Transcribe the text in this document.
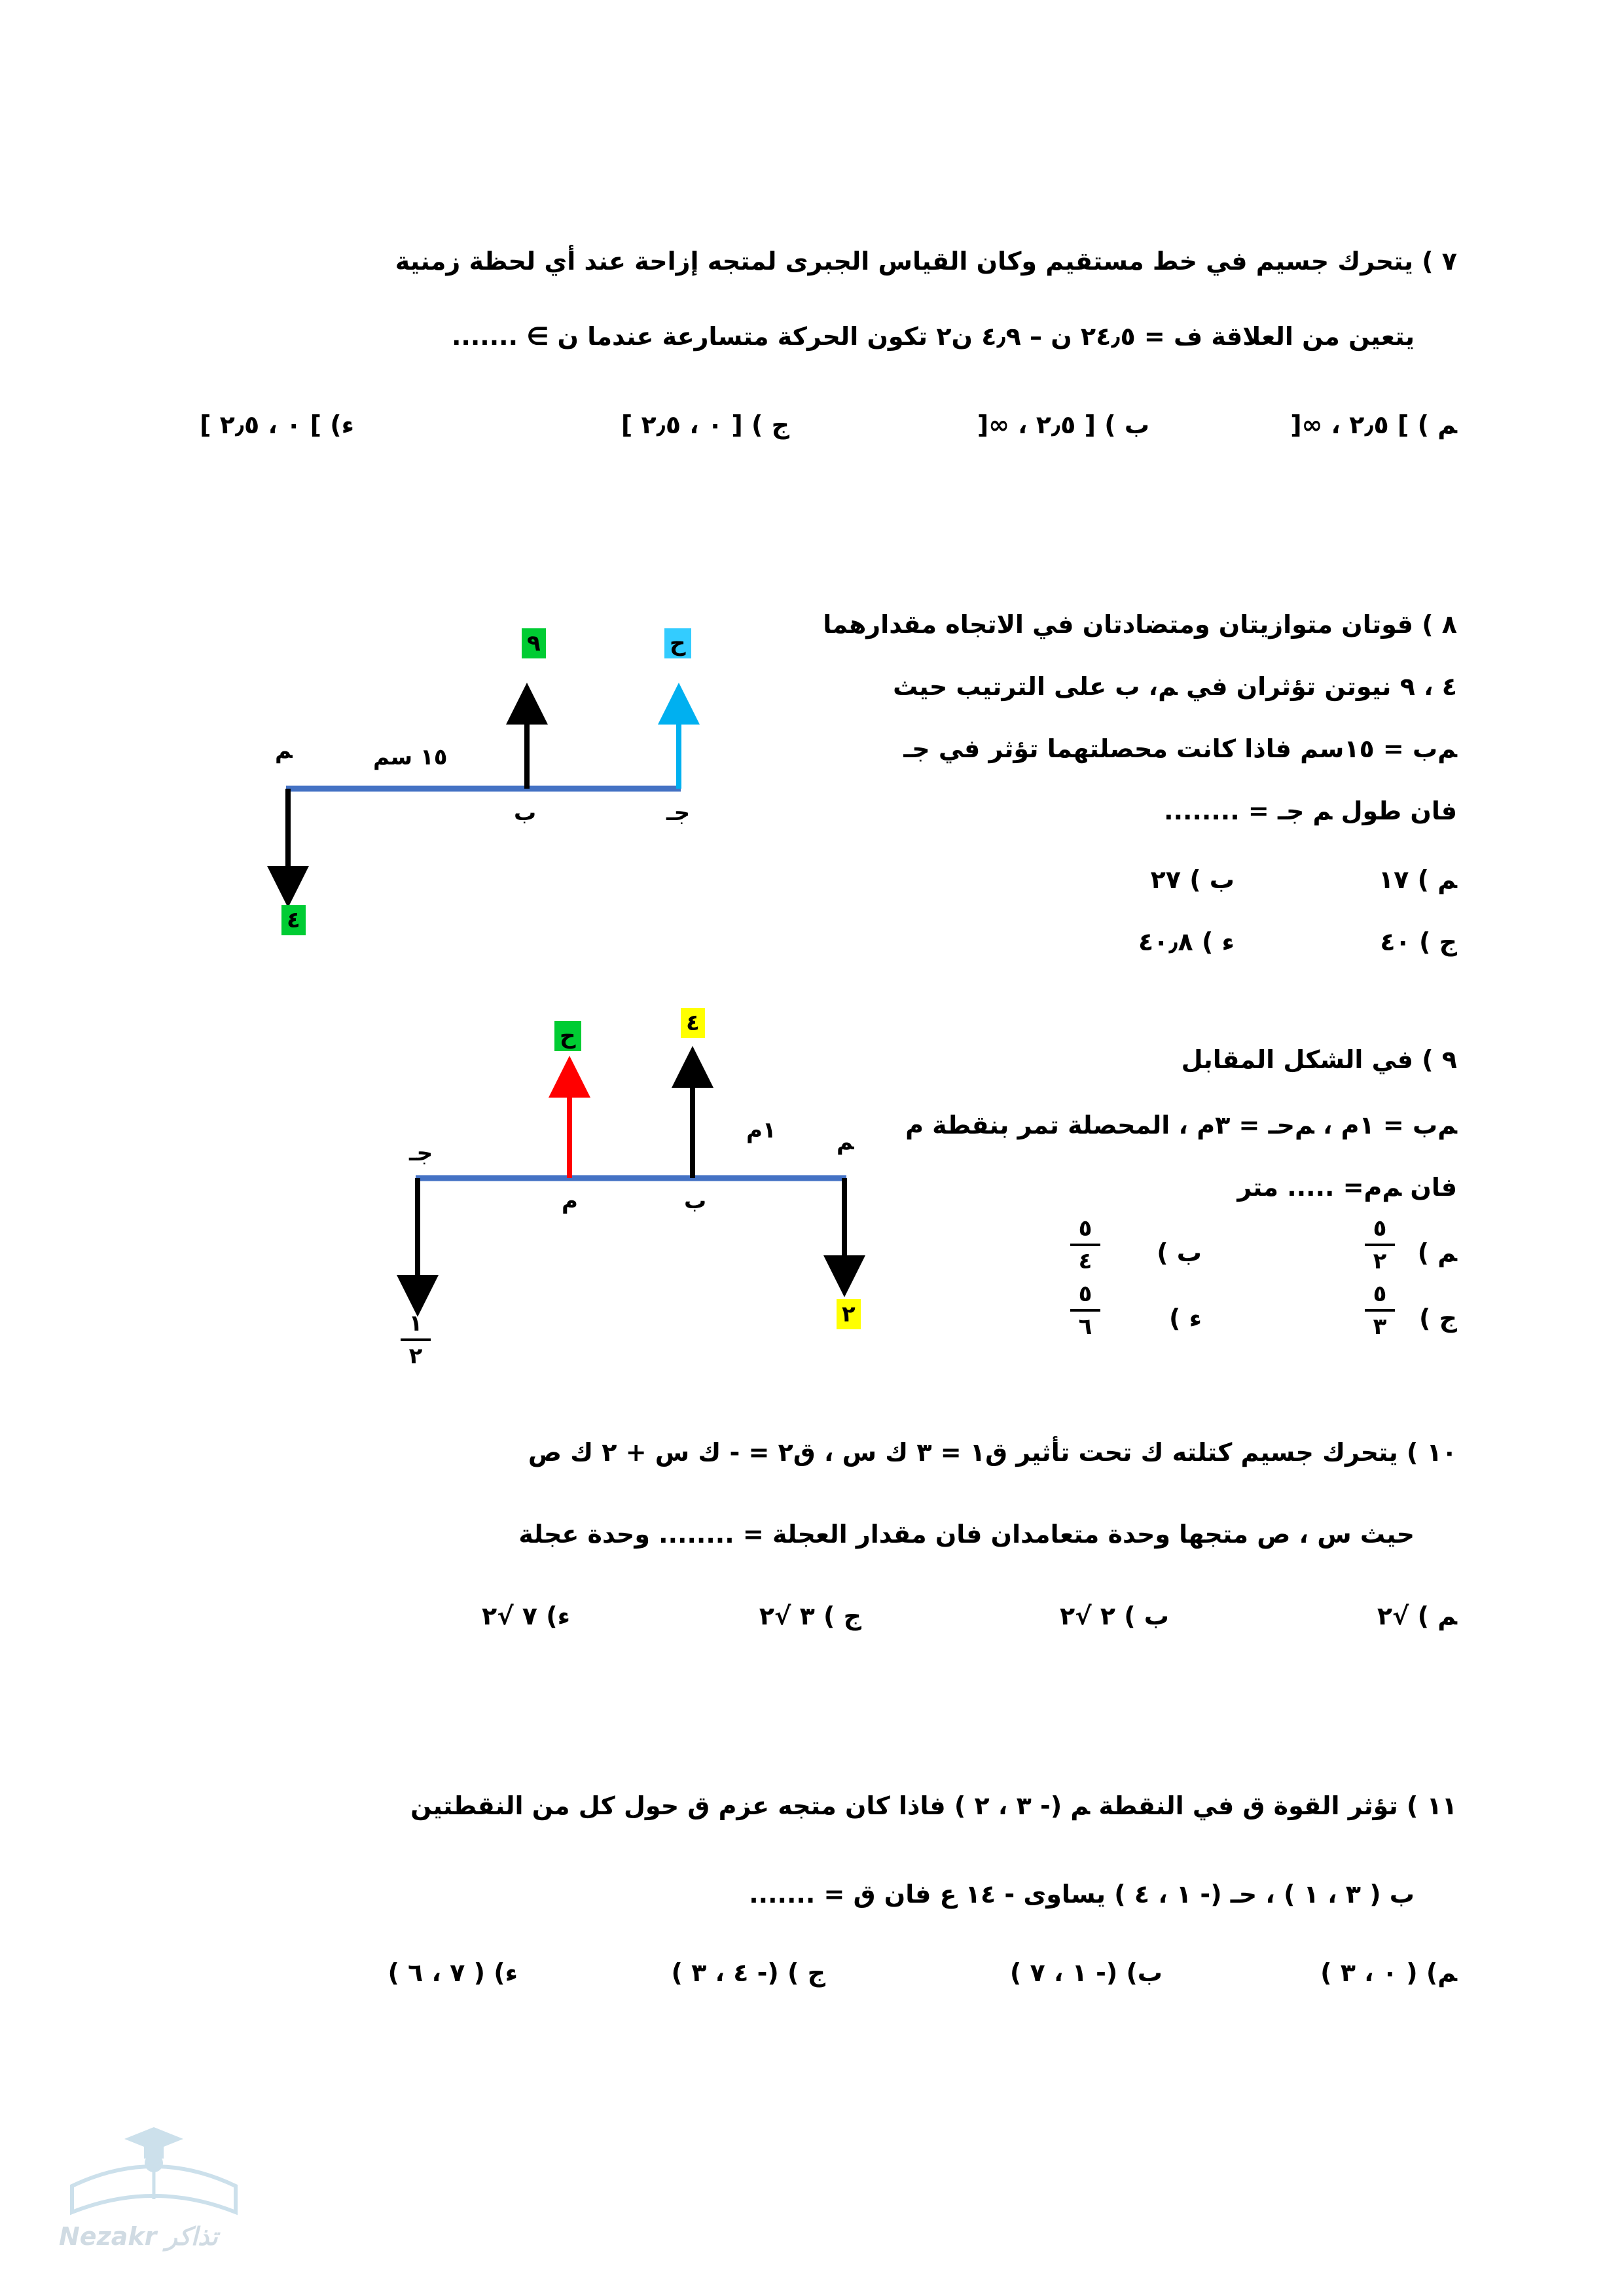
٧ ) يتحرك جسيم في خط مستقيم وكان القياس الجبرى لمتجه إزاحة عند أي لحظة زمنية
يتعين من العلاقة ف = ٢٤٫٥ ن – ٤٫٩ ن٢ تكون الحركة متسارعة عندما ن ∋ .......
ﻢ ) ] ٢٫٥ ، ∞[
ب ) [ ٢٫٥ ، ∞[
ج ) [ ٠ ، ٢٫٥ ]
ﺀ) ] ٠ ، ٢٫٥ ]
٨ ) قوتان متوازيتان ومتضادتان في الاتجاه مقدارهما
٤ ، ٩ نيوتن تؤثران في ﻢ، ب على الترتيب حيث
ﻢب = ١٥سم فاذا كانت محصلتهما تؤثر في جـ
فان طول ﻢ جـ = ........
ﻢ ) ١٧
ب ) ٢٧
ج ) ٤٠
ﺀ ) ٤٠٫٨
٩ ) في الشكل المقابل
ﻢب = ١م ، ﻢحـ = ٣م ، المحصلة تمر بنقطة م
فان ﻢم= ..... متر
ﻢ )
٥
٢
ب )
٥
٤
ج )
٥
٣
ﺀ )
٥
٦
١٠ ) يتحرك جسيم كتلته ك تحت تأثير ق١ = ٣ ك س ، ق٢ = - ك س + ٢ ك ص
حيث س ، ص متجها وحدة متعامدان فان مقدار العجلة = ........ وحدة عجلة
ﻢ ) √٢
ب ) ٢ √٢
ج ) ٣ √٢
ﺀ) ٧ √٢
١١ ) تؤثر القوة ق في النقطة ﻢ (- ٣ ، ٢ ) فاذا كان متجه عزم ق حول كل من النقطتين
ب ( ٣ ، ١ ) ، حـ (- ١ ، ٤ ) يساوى - ١٤ ع فان ق = .......
ﻢ) ( ٠ ، ٣ )
ب) (- ١ ، ٧ )
ج ) (- ٤ ، ٣ )
ﺀ) ( ٧ ، ٦ )
٩	ح
٤
ﻢ	١٥ سم
ب	جـ
ح	٤
٢
١
٢
جـ
م	ب
١م	ﻢ
Nezakr تذاكر
